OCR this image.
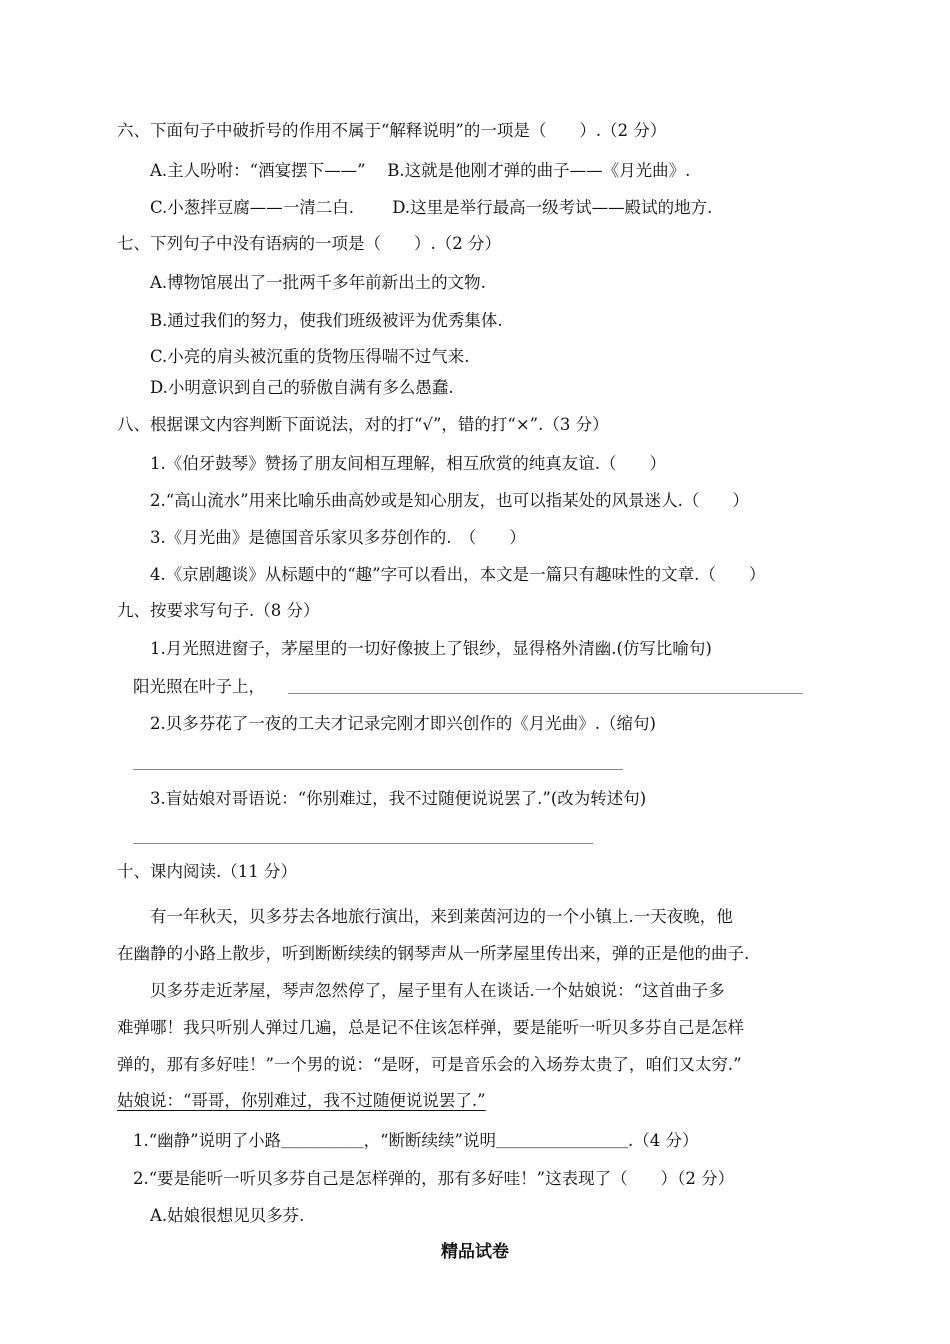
六、下面句子中破折号的作用不属于“解释说明”的一项是（　　）.（2 分）
A.主人吩咐：“酒宴摆下——”　 B.这就是他刚才弹的曲子——《月光曲》.
C.小葱拌豆腐——一清二白.　　 D.这里是举行最高一级考试——殿试的地方.
七、下列句子中没有语病的一项是（　　）.（2 分）
A.博物馆展出了一批两千多年前新出土的文物.
B.通过我们的努力，使我们班级被评为优秀集体.
C.小亮的肩头被沉重的货物压得喘不过气来.
D.小明意识到自己的骄傲自满有多么愚蠢.
八、根据课文内容判断下面说法，对的打“√”，错的打“×”.（3 分）
1.《伯牙鼓琴》赞扬了朋友间相互理解，相互欣赏的纯真友谊.（　　）
2.“高山流水”用来比喻乐曲高妙或是知心朋友，也可以指某处的风景迷人.（　　）
3.《月光曲》是德国音乐家贝多芬创作的.　（　　）
4.《京剧趣谈》从标题中的“趣”字可以看出，本文是一篇只有趣味性的文章.（　　）
九、按要求写句子.（8 分）
1.月光照进窗子，茅屋里的一切好像披上了银纱，显得格外清幽.(仿写比喻句)
阳光照在叶子上，
2.贝多芬花了一夜的工夫才记录完刚才即兴创作的《月光曲》.（缩句)
3.盲姑娘对哥语说：“你别难过，我不过随便说说罢了.”(改为转述句)
十、课内阅读.（11 分）
有一年秋天，贝多芬去各地旅行演出，来到莱茵河边的一个小镇上.一天夜晚，他
在幽静的小路上散步，听到断断续续的钢琴声从一所茅屋里传出来，弹的正是他的曲子.
贝多芬走近茅屋，琴声忽然停了，屋子里有人在谈话.一个姑娘说：“这首曲子多
难弹哪！我只听别人弹过几遍，总是记不住该怎样弹，要是能听一听贝多芬自己是怎样
弹的，那有多好哇！”一个男的说：“是呀，可是音乐会的入场券太贵了，咱们又太穷.”
姑娘说：“哥哥，你别难过，我不过随便说说罢了.”
1.“幽静”说明了小路＿＿＿＿＿，“断断续续”说明＿＿＿＿＿＿＿＿.（4 分）
2.“要是能听一听贝多芬自己是怎样弹的，那有多好哇！”这表现了（　　）（2 分）
A.姑娘很想见贝多芬.
精品试卷
